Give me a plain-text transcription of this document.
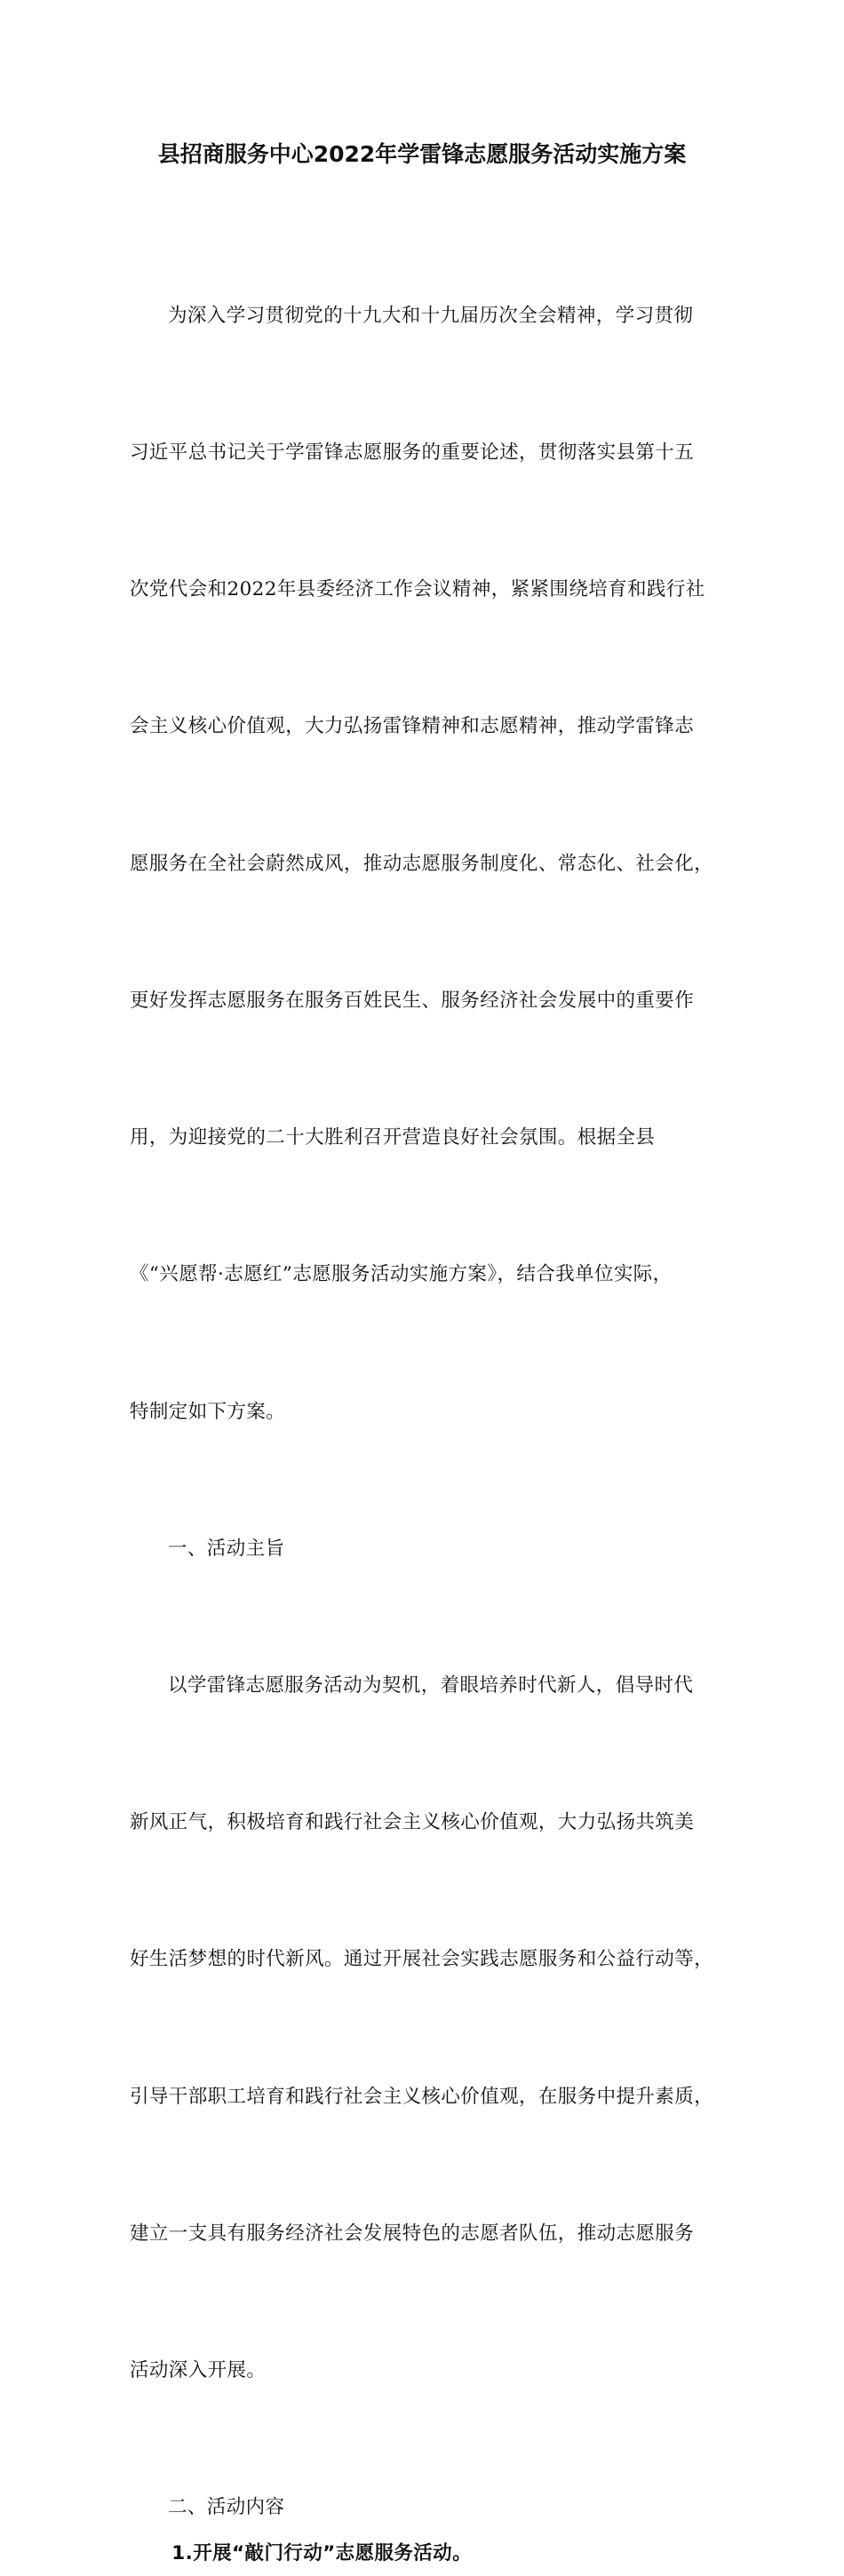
县招商服务中心2022年学雷锋志愿服务活动实施方案

为深入学习贯彻党的十九大和十九届历次全会精神，学习贯彻

习近平总书记关于学雷锋志愿服务的重要论述，贯彻落实县第十五

次党代会和2022年县委经济工作会议精神，紧紧围绕培育和践行社

会主义核心价值观，大力弘扬雷锋精神和志愿精神，推动学雷锋志

愿服务在全社会蔚然成风，推动志愿服务制度化、常态化、社会化，

更好发挥志愿服务在服务百姓民生、服务经济社会发展中的重要作

用，为迎接党的二十大胜利召开营造良好社会氛围。根据全县

《“兴愿帮·志愿红”志愿服务活动实施方案》，结合我单位实际，

特制定如下方案。

一、活动主旨

以学雷锋志愿服务活动为契机，着眼培养时代新人，倡导时代

新风正气，积极培育和践行社会主义核心价值观，大力弘扬共筑美

好生活梦想的时代新风。通过开展社会实践志愿服务和公益行动等，

引导干部职工培育和践行社会主义核心价值观，在服务中提升素质，

建立一支具有服务经济社会发展特色的志愿者队伍，推动志愿服务

活动深入开展。

二、活动内容

1.开展“敲门行动”志愿服务活动。
